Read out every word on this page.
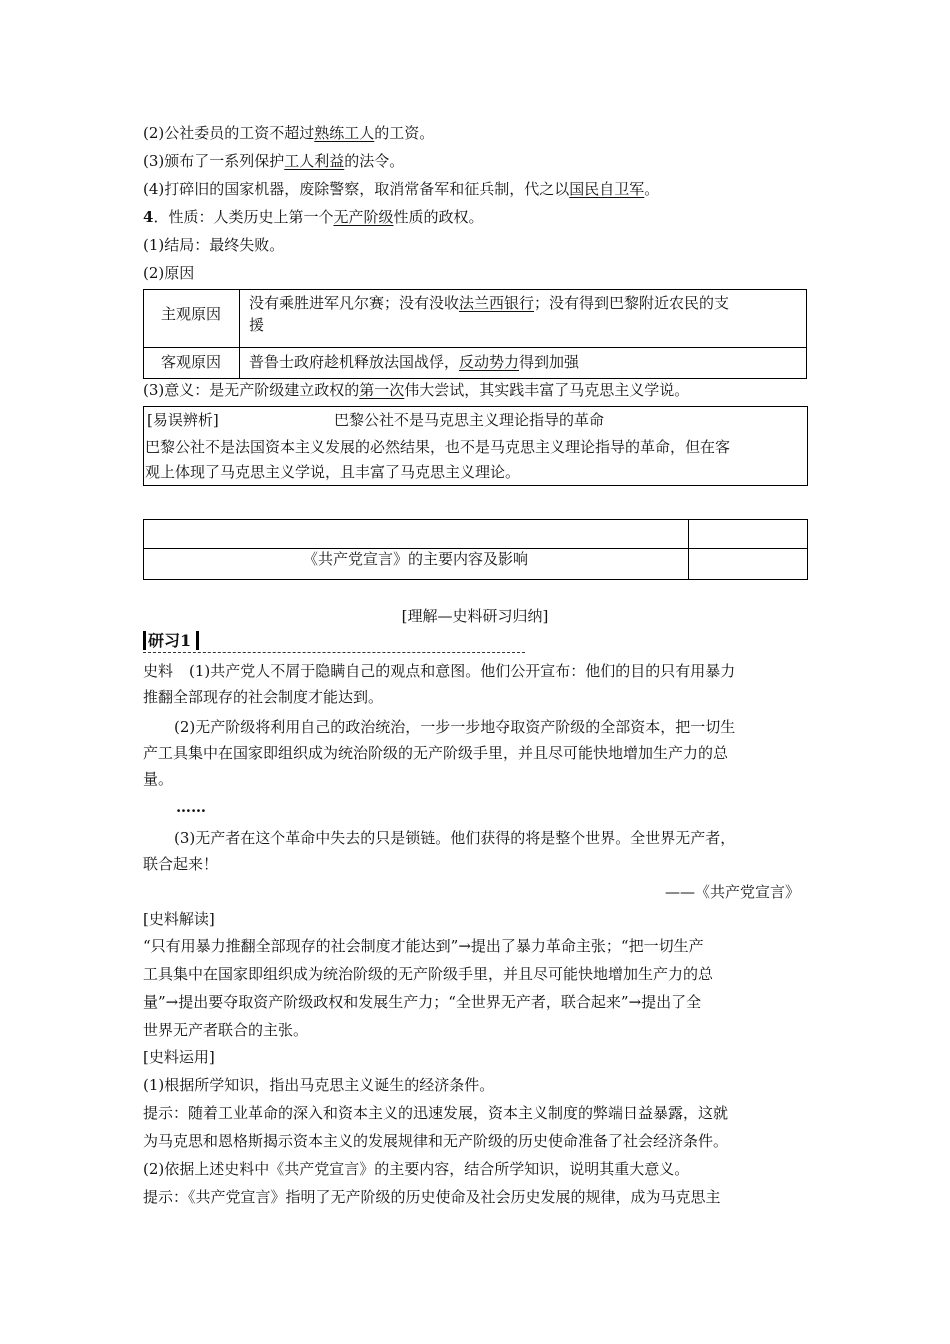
(2)公社委员的工资不超过熟练工人的工资。
(3)颁布了一系列保护工人利益的法令。
(4)打碎旧的国家机器，废除警察，取消常备军和征兵制，代之以国民自卫军。
4．性质：人类历史上第一个无产阶级性质的政权。
(1)结局：最终失败。
(2)原因
主观原因
没有乘胜进军凡尔赛；没有没收法兰西银行；没有得到巴黎附近农民的支
援
客观原因	普鲁士政府趁机释放法国战俘，反动势力得到加强
(3)意义：是无产阶级建立政权的第一次伟大尝试，其实践丰富了马克思主义学说。
[易误辨析]	巴黎公社不是马克思主义理论指导的革命
巴黎公社不是法国资本主义发展的必然结果，也不是马克思主义理论指导的革命，但在客
观上体现了马克思主义学说，且丰富了马克思主义理论。
《共产党宣言》的主要内容及影响
[理解—史料研习归纳]
研习1
史料 (1)共产党人不屑于隐瞒自己的观点和意图。他们公开宣布：他们的目的只有用暴力
推翻全部现存的社会制度才能达到。
(2)无产阶级将利用自己的政治统治，一步一步地夺取资产阶级的全部资本，把一切生
产工具集中在国家即组织成为统治阶级的无产阶级手里，并且尽可能快地增加生产力的总
量。
……
(3)无产者在这个革命中失去的只是锁链。他们获得的将是整个世界。全世界无产者，
联合起来！
——《共产党宣言》
[史料解读]
“只有用暴力推翻全部现存的社会制度才能达到”→提出了暴力革命主张；“把一切生产
工具集中在国家即组织成为统治阶级的无产阶级手里，并且尽可能快地增加生产力的总
量”→提出要夺取资产阶级政权和发展生产力；“全世界无产者，联合起来”→提出了全
世界无产者联合的主张。
[史料运用]
(1)根据所学知识，指出马克思主义诞生的经济条件。
提示：随着工业革命的深入和资本主义的迅速发展，资本主义制度的弊端日益暴露，这就
为马克思和恩格斯揭示资本主义的发展规律和无产阶级的历史使命准备了社会经济条件。
(2)依据上述史料中《共产党宣言》的主要内容，结合所学知识，说明其重大意义。
提示：《共产党宣言》指明了无产阶级的历史使命及社会历史发展的规律，成为马克思主
